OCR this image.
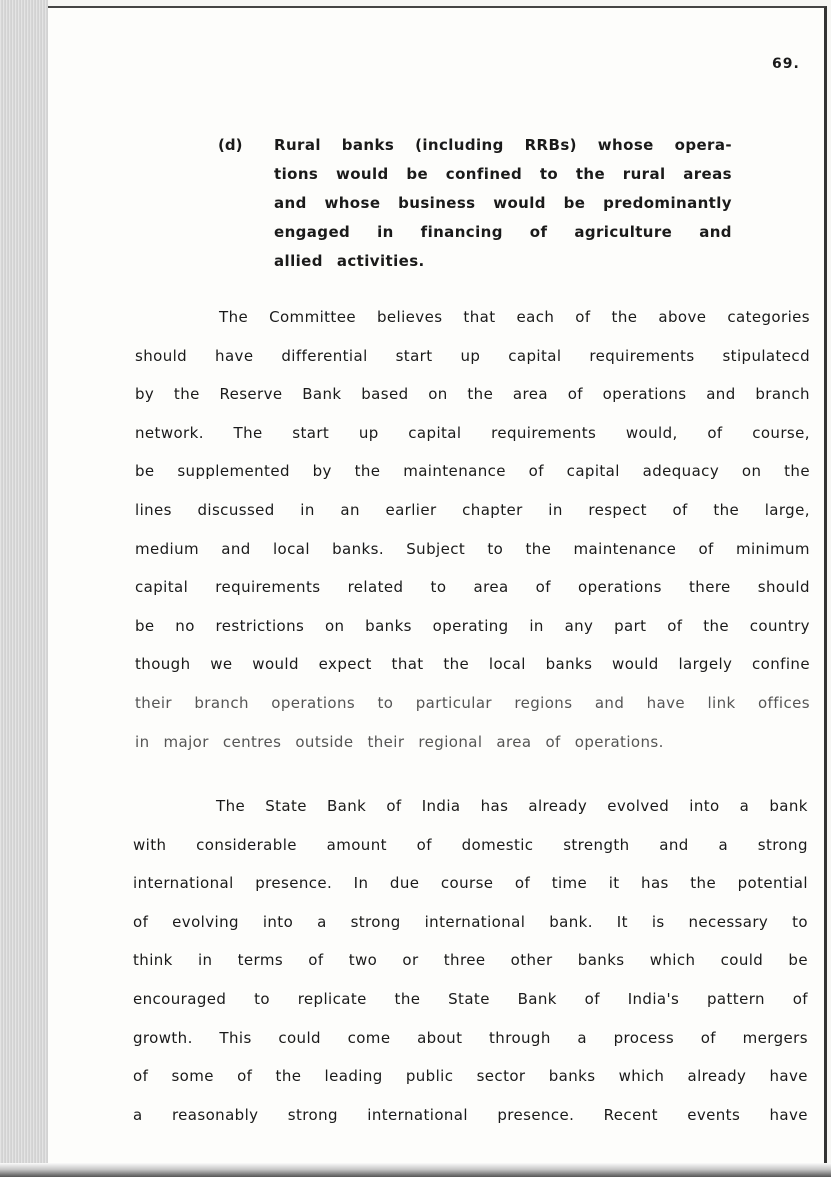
69.
(d) Rural banks (including RRBs) whose opera-
tions would be confined to the rural areas
and whose business would be predominantly
engaged in financing of agriculture and
allied activities.
The Committee believes that each of the above categories
should have differential start up capital requirements stipulatecd
by the Reserve Bank based on the area of operations and branch
network. The start up capital requirements would, of course,
be supplemented by the maintenance of capital adequacy on the
lines discussed in an earlier chapter in respect of the large,
medium and local banks. Subject to the maintenance of minimum
capital requirements related to area of operations there should
be no restrictions on banks operating in any part of the country
though we would expect that the local banks would largely confine
their branch operations to particular regions and have link offices
in major centres outside their regional area of operations.
The State Bank of India has already evolved into a bank
with considerable amount of domestic strength and a strong
international presence. In due course of time it has the potential
of evolving into a strong international bank. It is necessary to
think in terms of two or three other banks which could be
encouraged to replicate the State Bank of India's pattern of
growth. This could come about through a process of mergers
of some of the leading public sector banks which already have
a reasonably strong international presence. Recent events have
